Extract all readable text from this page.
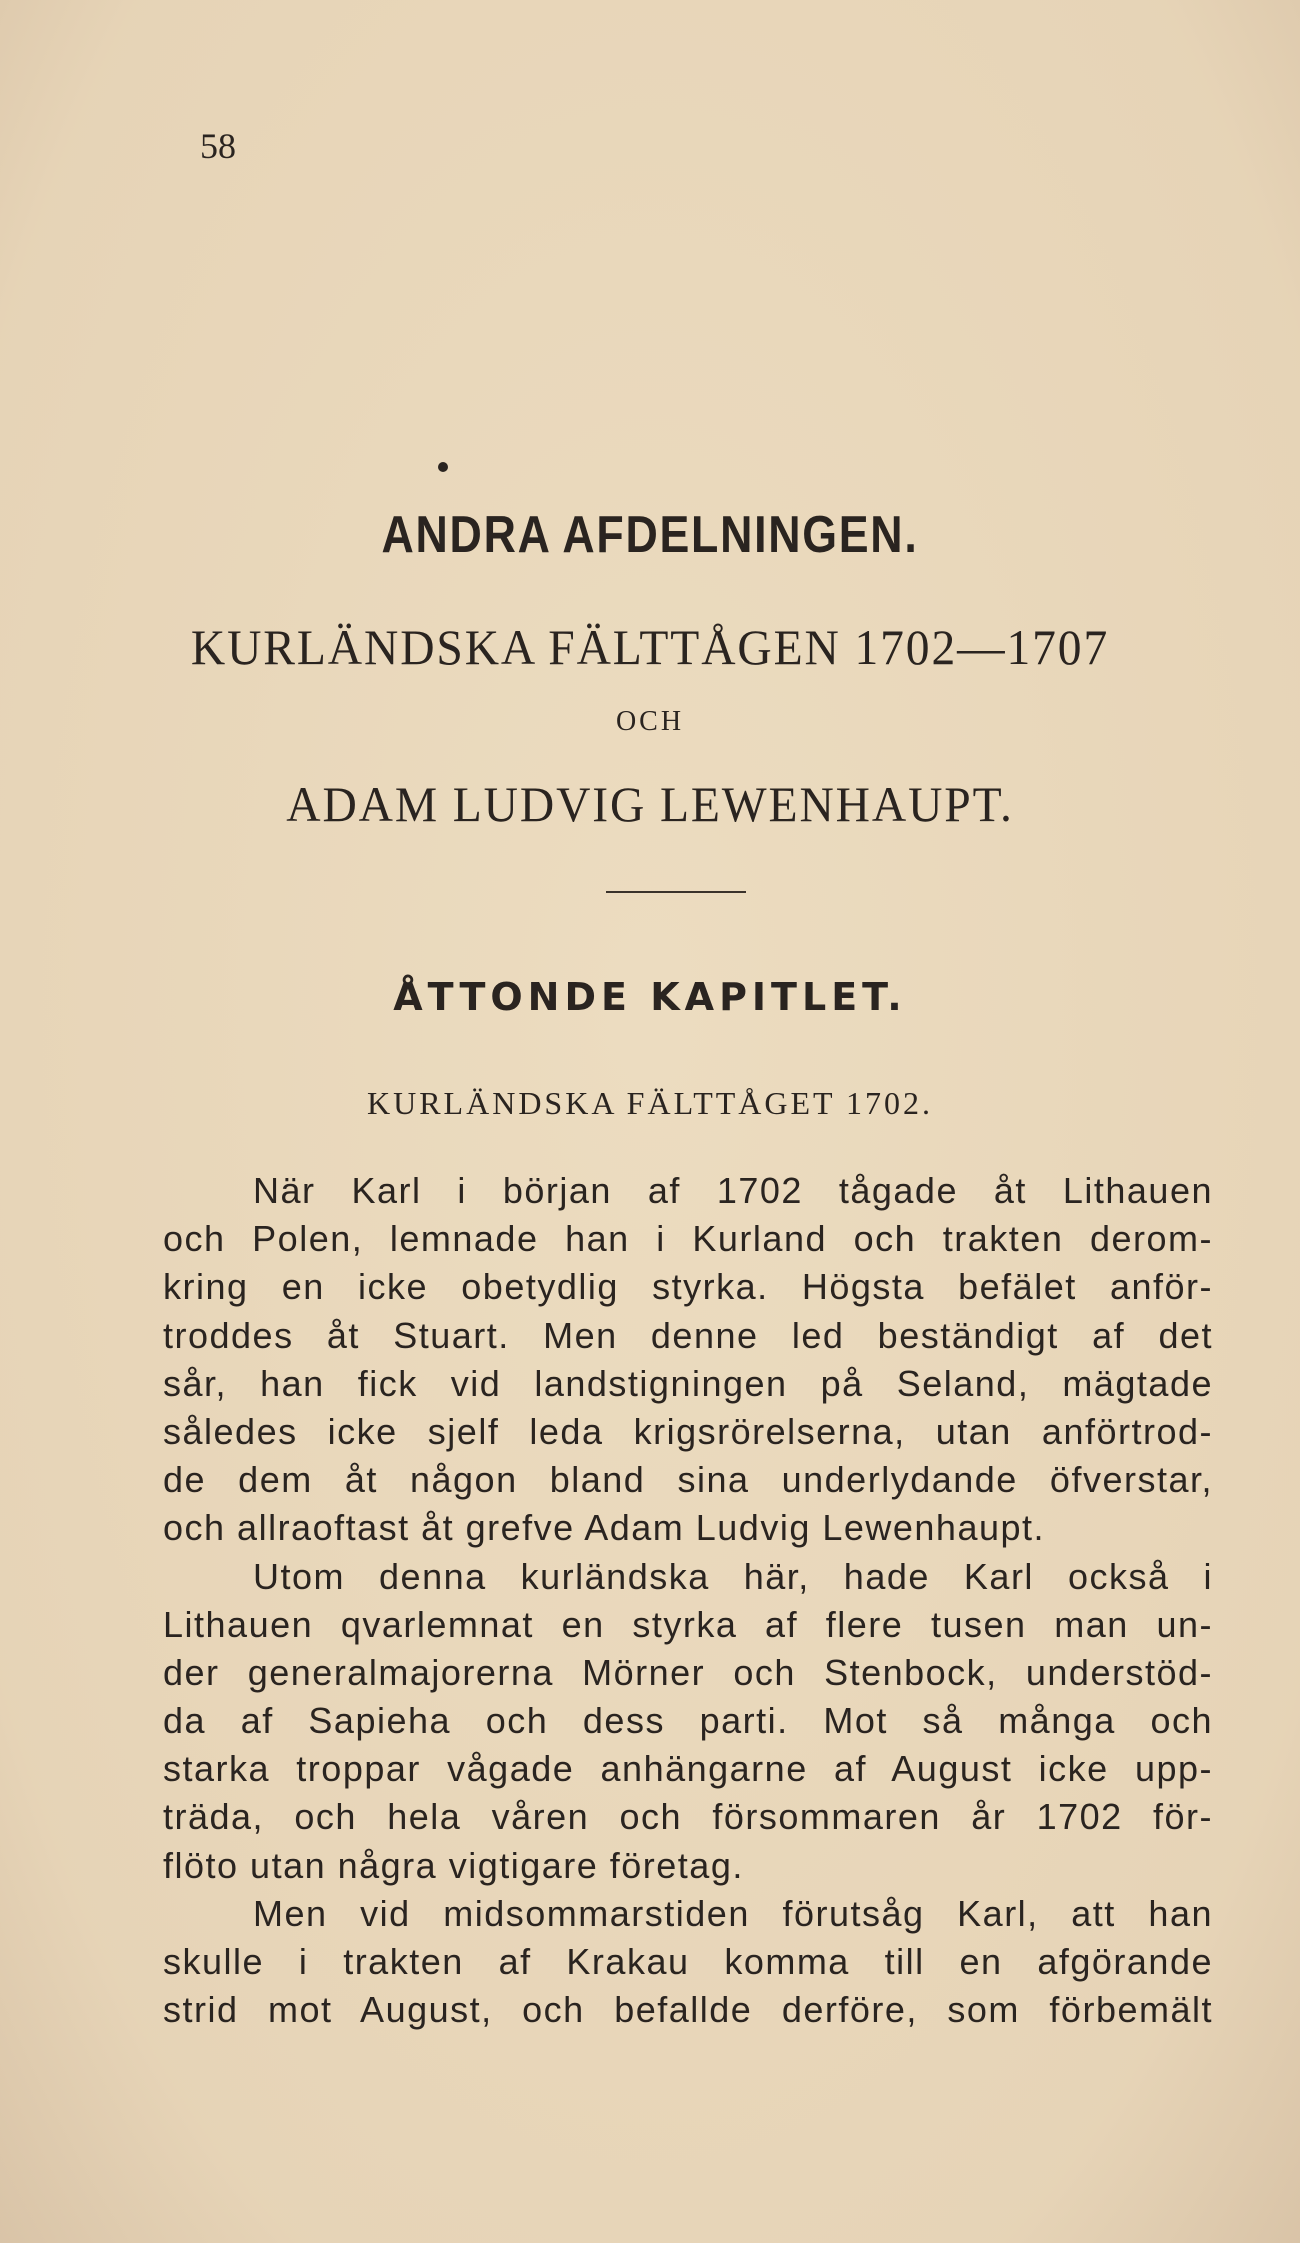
58
ANDRA AFDELNINGEN.
KURLÄNDSKA FÄLTTÅGEN 1702—1707
OCH
ADAM LUDVIG LEWENHAUPT.
ÅTTONDE KAPITLET.
KURLÄNDSKA FÄLTTÅGET 1702.
När Karl i början af 1702 tågade åt Lithauen
och Polen, lemnade han i Kurland och trakten derom-
kring en icke obetydlig styrka. Högsta befälet anför-
troddes åt Stuart. Men denne led beständigt af det
sår, han fick vid landstigningen på Seland, mägtade
således icke sjelf leda krigsrörelserna, utan anförtrod-
de dem åt någon bland sina underlydande öfverstar,
och allraoftast åt grefve Adam Ludvig Lewenhaupt.
Utom denna kurländska här, hade Karl också i
Lithauen qvarlemnat en styrka af flere tusen man un-
der generalmajorerna Mörner och Stenbock, understöd-
da af Sapieha och dess parti. Mot så många och
starka troppar vågade anhängarne af August icke upp-
träda, och hela våren och försommaren år 1702 för-
flöto utan några vigtigare företag.
Men vid midsommarstiden förutsåg Karl, att han
skulle i trakten af Krakau komma till en afgörande
strid mot August, och befallde derföre, som förbemält
